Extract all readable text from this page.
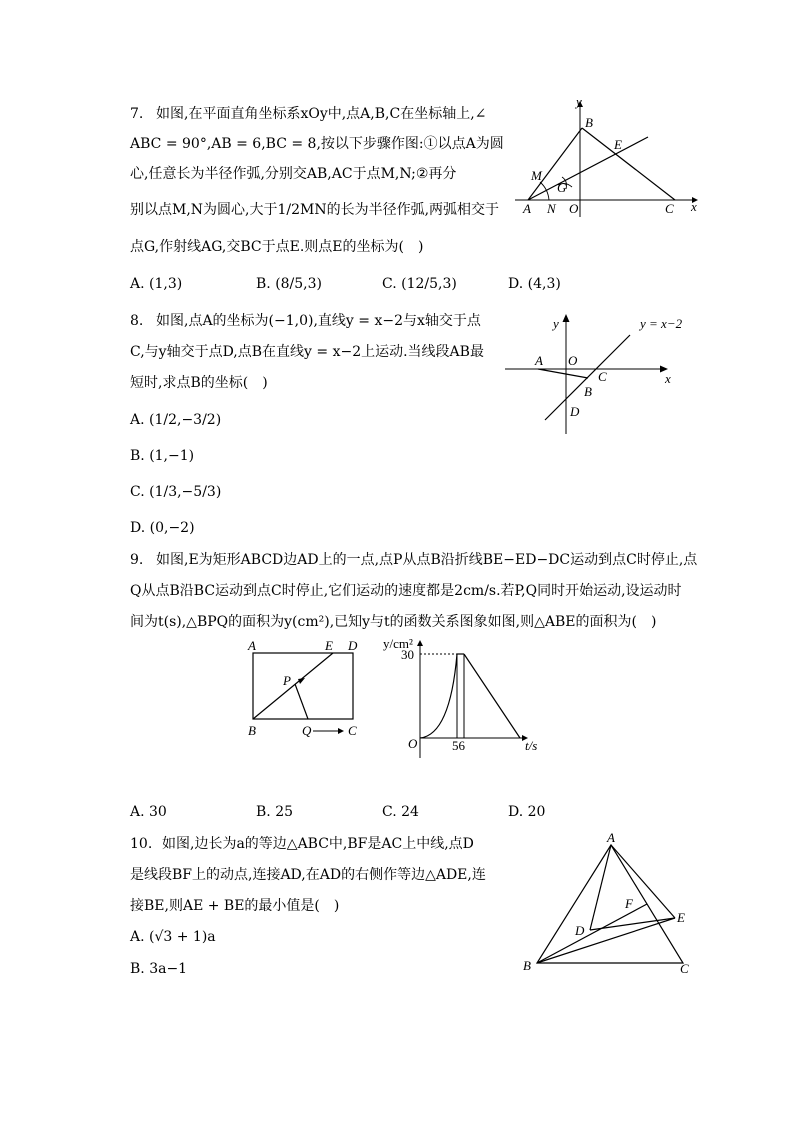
7. 如图,在平面直角坐标系xOy中,点A,B,C在坐标轴上,∠
ABC = 90°,AB = 6,BC = 8,按以下步骤作图:①以点A为圆
心,任意长为半径作弧,分别交AB,AC于点M,N;②再分
别以点M,N为圆心,大于1/2MN的长为半径作弧,两弧相交于
点G,作射线AG,交BC于点E.则点E的坐标为(　)
A. (1,3)	B. (8/5,3)	C. (12/5,3)	D. (4,3)
y
x
B
E
M
G
A N O	C
8. 如图,点A的坐标为(−1,0),直线y = x−2与x轴交于点
C,与y轴交于点D,点B在直线y = x−2上运动.当线段AB最
短时,求点B的坐标(　)
A. (1/2,−3/2)
B. (1,−1)
C. (1/3,−5/3)
D. (0,−2)
y
x
y = x−2
A O
C
B
D
9. 如图,E为矩形ABCD边AD上的一点,点P从点B沿折线BE−ED−DC运动到点C时停止,点
Q从点B沿BC运动到点C时停止,它们运动的速度都是2cm/s.若P,Q同时开始运动,设运动时
间为t(s),△BPQ的面积为y(cm²),已知y与t的函数关系图象如图,则△ABE的面积为(　)
A	E D
P
B	Q	C
y/cm²
30
O	56	t/s
A. 30	B. 25	C. 24	D. 20
10. 如图,边长为a的等边△ABC中,BF是AC上中线,点D
是线段BF上的动点,连接AD,在AD的右侧作等边△ADE,连
接BE,则AE + BE的最小值是(　)
A. (√3 + 1)a
B. 3a−1
A
F
E
D
B	C
